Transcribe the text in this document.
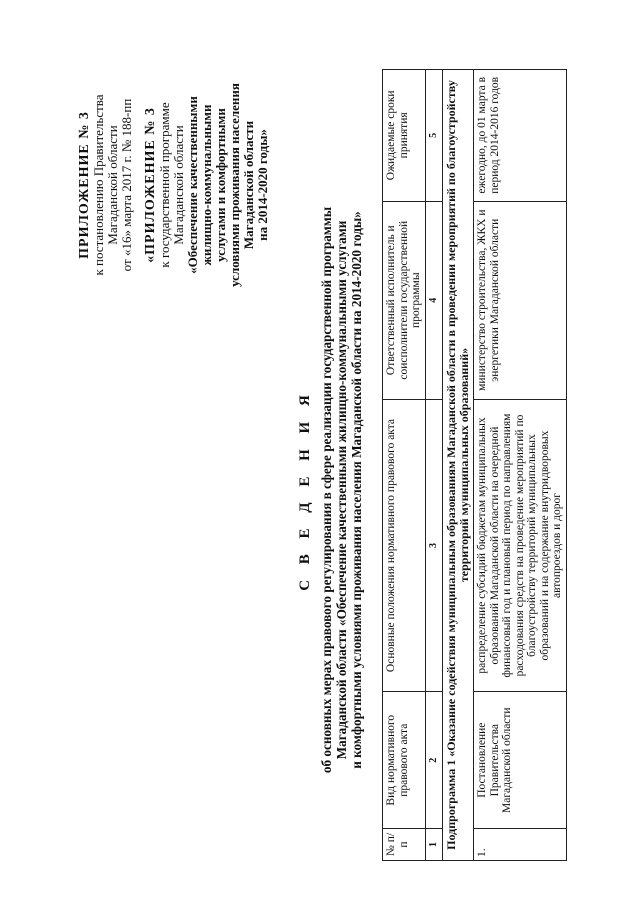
ПРИЛОЖЕНИЕ № 3 к постановлению Правительства Магаданской области от «16» марта 2017 г. № 188-пп «ПРИЛОЖЕНИЕ № 3 к государственной программе Магаданской области «Обеспечение качественными жилищно-коммунальными услугами и комфортными условиями проживания населения Магаданской области на 2014-2020 годы»
С В Е Д Е Н И Я об основных мерах правового регулирования в сфере реализации государственной программы Магаданской области «Обеспечение качественными жилищно-коммунальными услугами и комфортными условиями проживания населения Магаданской области на 2014-2020 годы»
№ п/п	Вид нормативного правового акта	Основные положения нормативного правового акта	Ответственный исполнитель и соисполнители государственной программы	Ожидаемые сроки принятия
1	2	3	4	5
Подпрограмма 1 «Оказание содействия муниципальным образованиям Магаданской области в проведении мероприятий по благоустройству территорий муниципальных образований»				
1.	Постановление Правительства Магаданской области	распределение субсидий бюджетам муниципальных образований Магаданской области на очередной финансовый год и плановый период по направлениям расходования средств на проведение мероприятий по благоустройству территорий муниципальных образований и на содержание внутридворовых автопроездов и дорог	министерство строительства, ЖКХ и энергетики Магаданской области	ежегодно, до 01 марта в период 2014-2016 годов
